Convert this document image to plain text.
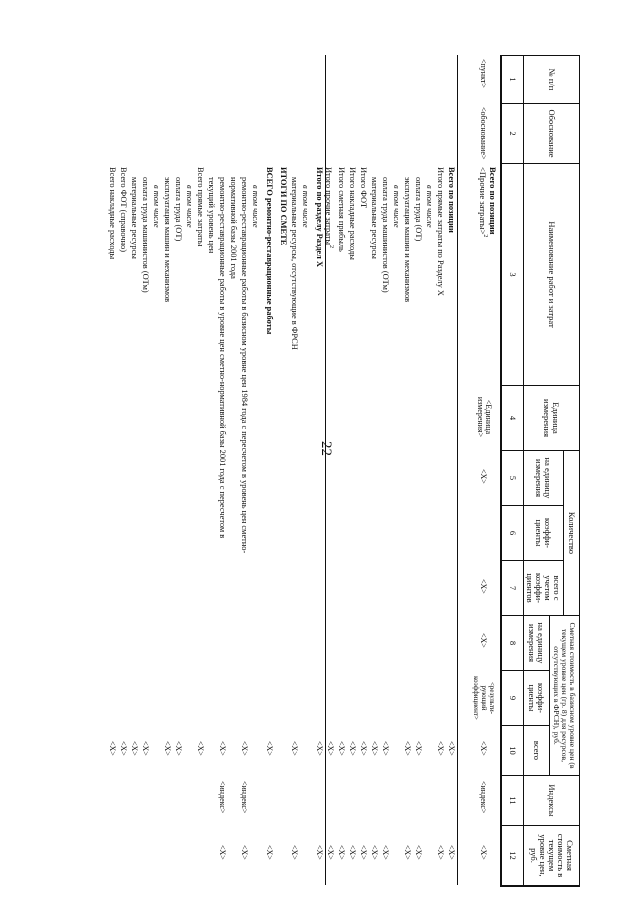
22
№ п/п
Обоснование
Наименование работ и затрат
Единица измерения
Количество
на единицу измерения
коэффи-циенты
всего с учетом коэффи-циентов
Сметная стоимость в базисном уровне цен (в текущем уровне цен (гр. 8) для ресурсов, отсутствующих в ФРСН), руб.
на единицу измерения
коэффи-циенты
всего
Индексы
Сметная стоимость в текущем уровне цен, руб.
1
2
3
4
5
6
7
8
9
10
11
12
<пункт>
<обоснование>
Всего по позиции
<Прочие затраты>$^2$
<Единица измерения>
<X>
<X>
<X>
<результи-рующий коэффициент>
<X>
<индекс>
<X>
Всего по позиции
<X>
<X>
Итого прямые затраты по Разделу X
<X>
<X>
в том числе
оплата труда (ОТ)
<X>
<X>
эксплуатация машин и механизмов
<X>
<X>
в том числе
оплата труда машинистов (ОТм)
<X>
<X>
материальные ресурсы
<X>
<X>
Итого ФОТ
<X>
<X>
Итого накладные расходы
<X>
<X>
Итого сметная прибыль
<X>
<X>
Итого прочие затраты$^2$
<X>
<X>
Итого по разделу Раздел X
<X>
<X>
в том числе
материальные ресурсы, отсутствующие в ФРСН
<X>
<X>
ИТОГИ ПО СМЕТЕ
ВСЕГО ремонтно-реставрационные работы
<X>
<X>
в том числе
ремонтно-реставрационные работы в базисном уровне цен 1984 года с пересчетом в уровень цен сметно-
<X>
<индекс>
<X>
нормативной базы 2001 года
ремонтно-реставрационные работы в уровне цен сметно-нормативной базы 2001 года с пересчетом в
<X>
<индекс>
<X>
текущий уровень цен
Всего прямые затраты
<X>
в том числе
оплата труда (ОТ)
<X>
эксплуатация машин и механизмов
<X>
в том числе
оплата труда машинистов (ОТм)
<X>
материальные ресурсы
<X>
Всего ФОТ (справочно)
<X>
Всего накладные расходы
<X>
